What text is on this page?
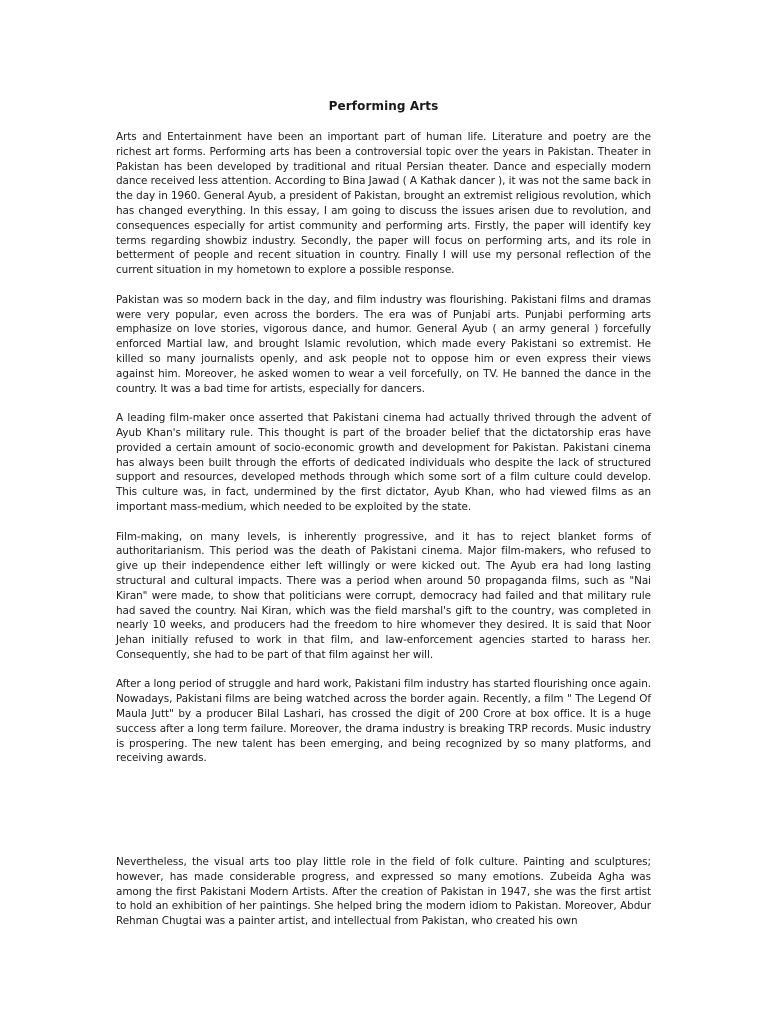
Performing Arts

Arts and Entertainment have been an important part of human life. Literature and poetry are the richest art forms. Performing arts has been a controversial topic over the years in Pakistan. Theater in Pakistan has been developed by traditional and ritual Persian theater. Dance and especially modern dance received less attention. According to Bina Jawad ( A Kathak dancer ), it was not the same back in the day in 1960. General Ayub, a president of Pakistan, brought an extremist religious revolution, which has changed everything. In this essay, I am going to discuss the issues arisen due to revolution, and consequences especially for artist community and performing arts. Firstly, the paper will identify key terms regarding showbiz industry. Secondly, the paper will focus on performing arts, and its role in betterment of people and recent situation in country. Finally I will use my personal reflection of the current situation in my hometown to explore a possible response.

Pakistan was so modern back in the day, and film industry was flourishing. Pakistani films and dramas were very popular, even across the borders. The era was of Punjabi arts. Punjabi performing arts emphasize on love stories, vigorous dance, and humor. General Ayub ( an army general ) forcefully enforced Martial law, and brought Islamic revolution, which made every Pakistani so extremist. He killed so many journalists openly, and ask people not to oppose him or even express their views against him. Moreover, he asked women to wear a veil forcefully, on TV. He banned the dance in the country. It was a bad time for artists, especially for dancers.

A leading film-maker once asserted that Pakistani cinema had actually thrived through the advent of Ayub Khan's military rule. This thought is part of the broader belief that the dictatorship eras have provided a certain amount of socio-economic growth and development for Pakistan. Pakistani cinema has always been built through the efforts of dedicated individuals who despite the lack of structured support and resources, developed methods through which some sort of a film culture could develop. This culture was, in fact, undermined by the first dictator, Ayub Khan, who had viewed films as an important mass-medium, which needed to be exploited by the state.

Film-making, on many levels, is inherently progressive, and it has to reject blanket forms of authoritarianism. This period was the death of Pakistani cinema. Major film-makers, who refused to give up their independence either left willingly or were kicked out. The Ayub era had long lasting structural and cultural impacts. There was a period when around 50 propaganda films, such as "Nai Kiran" were made, to show that politicians were corrupt, democracy had failed and that military rule had saved the country. Nai Kiran, which was the field marshal's gift to the country, was completed in nearly 10 weeks, and producers had the freedom to hire whomever they desired. It is said that Noor Jehan initially refused to work in that film, and law-enforcement agencies started to harass her. Consequently, she had to be part of that film against her will.

After a long period of struggle and hard work, Pakistani film industry has started flourishing once again. Nowadays, Pakistani films are being watched across the border again. Recently, a film " The Legend Of Maula Jutt" by a producer Bilal Lashari, has crossed the digit of 200 Crore at box office. It is a huge success after a long term failure. Moreover, the drama industry is breaking TRP records. Music industry is prospering. The new talent has been emerging, and being recognized by so many platforms, and receiving awards.

Nevertheless, the visual arts too play little role in the field of folk culture. Painting and sculptures; however, has made considerable progress, and expressed so many emotions. Zubeida Agha was among the first Pakistani Modern Artists. After the creation of Pakistan in 1947, she was the first artist to hold an exhibition of her paintings. She helped bring the modern idiom to Pakistan. Moreover, Abdur Rehman Chugtai was a painter artist, and intellectual from Pakistan, who created his own
